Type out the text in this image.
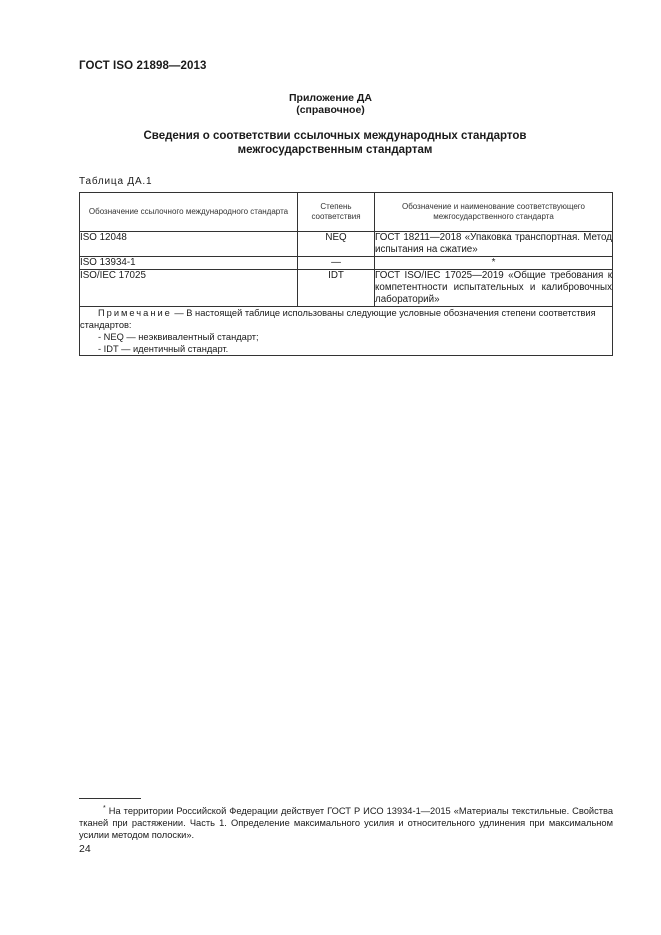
ГОСТ ISO 21898—2013
Приложение ДА
(справочное)
Сведения о соответствии ссылочных международных стандартов межгосударственным стандартам
Таблица ДА.1
Обозначение ссылочного международного стандарта	Степень соответствия	Обозначение и наименование соответствующего межгосударственного стандарта
ISO 12048	NEQ	ГОСТ 18211—2018 «Упаковка транспортная. Метод испытания на сжатие»
ISO 13934-1	—	*
ISO/IEC 17025	IDT	ГОСТ ISO/IEC 17025—2019 «Общие требования к компетентности испытательных и калибровочных лабораторий»

Примечание — В настоящей таблице использованы следующие условные обозначения степени соответствия стандартов:
- NEQ — неэквивалентный стандарт;
- IDT — идентичный стандарт.		
* На территории Российской Федерации действует ГОСТ Р ИСО 13934-1—2015 «Материалы текстильные. Свойства тканей при растяжении. Часть 1. Определение максимального усилия и относительного удлинения при максимальном усилии методом полоски».
24
